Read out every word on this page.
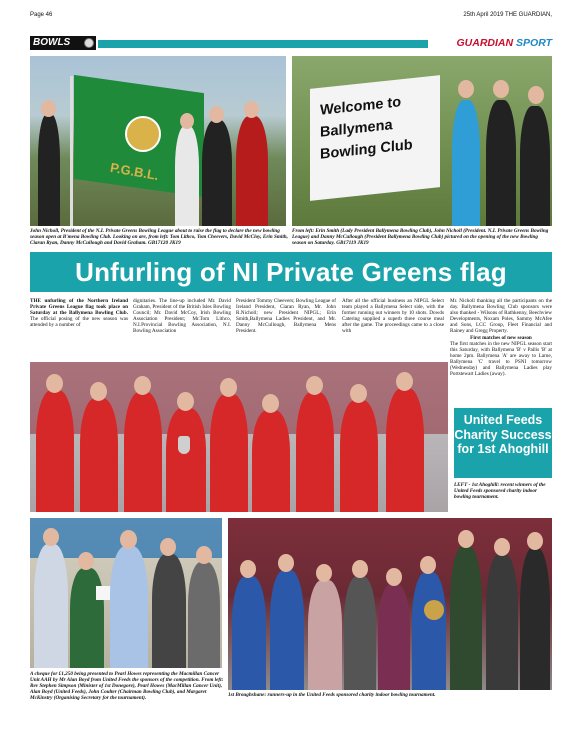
Page 46	25th April 2019 THE GUARDIAN,
BOWLS	GUARDIAN SPORT
P.G.B.L.
John Nicholl, President of the N.I. Private Greens Bowling League about to raise the flag to declare the new bowling season open at B'mena Bowling Club. Looking on are, from left: Tom Lithco, Tom Cheevers, David McCloy, Erin Smith, Ciaran Ryan, Danny McCullough and David Graham. GB17120 JK19
Welcome to
Ballymena
Bowling Club
From left: Erin Smith (Lady President Ballymena Bowling Club), John Nicholl (President. N.I. Private Greens Bowling League) and Danny McCullough (President Ballymena Bowling Club) pictured on the opening of the new Bowling season on Saturday. GB17119 JK19
Unfurling of NI Private Greens flag
THE unfurling of the Northern Ireland Private Greens League flag took place on Saturday at the Ballymena Bowling Club. The official posing of the new season was attended by a number of
dignitaries. The line-up included Mr. David Graham, President of the British Isles Bowling Council; Mr. David McCoy, Irish Bowling Association President; Mr.Tom Lithco, N.I.Provincial Bowling Association, N.I. Bowling Association
President Tommy Cheevers; Bowling League of Ireland President, Ciaran Ryan, Mr. John R.Nicholl; new President NIPGL; Erin Smith,Ballymena Ladies President, and Mr. Danny McCullough, Ballymena Mens President.
After all the official business an NIPGL Select team played a Ballymena Select side, with the former running out winners by 10 shots. Dowds Catering supplied a superb three course meal after the game. The proceedings came to a close with
Mr. Nicholl thanking all the participants on the day. Ballymena Bowling Club sponsors were also thanked - Wilsons of Rathkenny, Beechview Developments, Noxam Poles, Sammy McAfee and Sons, LCC Group, Fleet Financial and Rainey and Gregg Property.
First matches of new season
The first matches in the new NIPGL season start this Saturday, with Ballymena 'B' v Pallis 'B' at home 2pm. Ballymena 'A' are away to Larne, Ballymena 'C' travel to PSNI tomorrow (Wednesday) and Ballymena Ladies play Portstewart Ladies (away).
United Feeds Charity Success for 1st Ahoghill
LEFT - 1st Ahoghill: recent winners of the United Feeds sponsored charity indoor bowling tournament.
A cheque for £1,250 being presented to Pearl Howes representing the Macmillan Cancer Unit AAH by Mr Alan Boyd from United Feeds the sponsors of the competition. From left: Rev Stephen Simpson (Minister of 1st Donegore), Pearl Howes (MacMillan Cancer Unit), Alan Boyd (United Feeds), John Coulter (Chairman Bowling Club), and Margaret McKinstry (Organising Secretary for the tournament).	1st Broughshane: runners-up in the United Feeds sponsored charity indoor bowling tournament.
